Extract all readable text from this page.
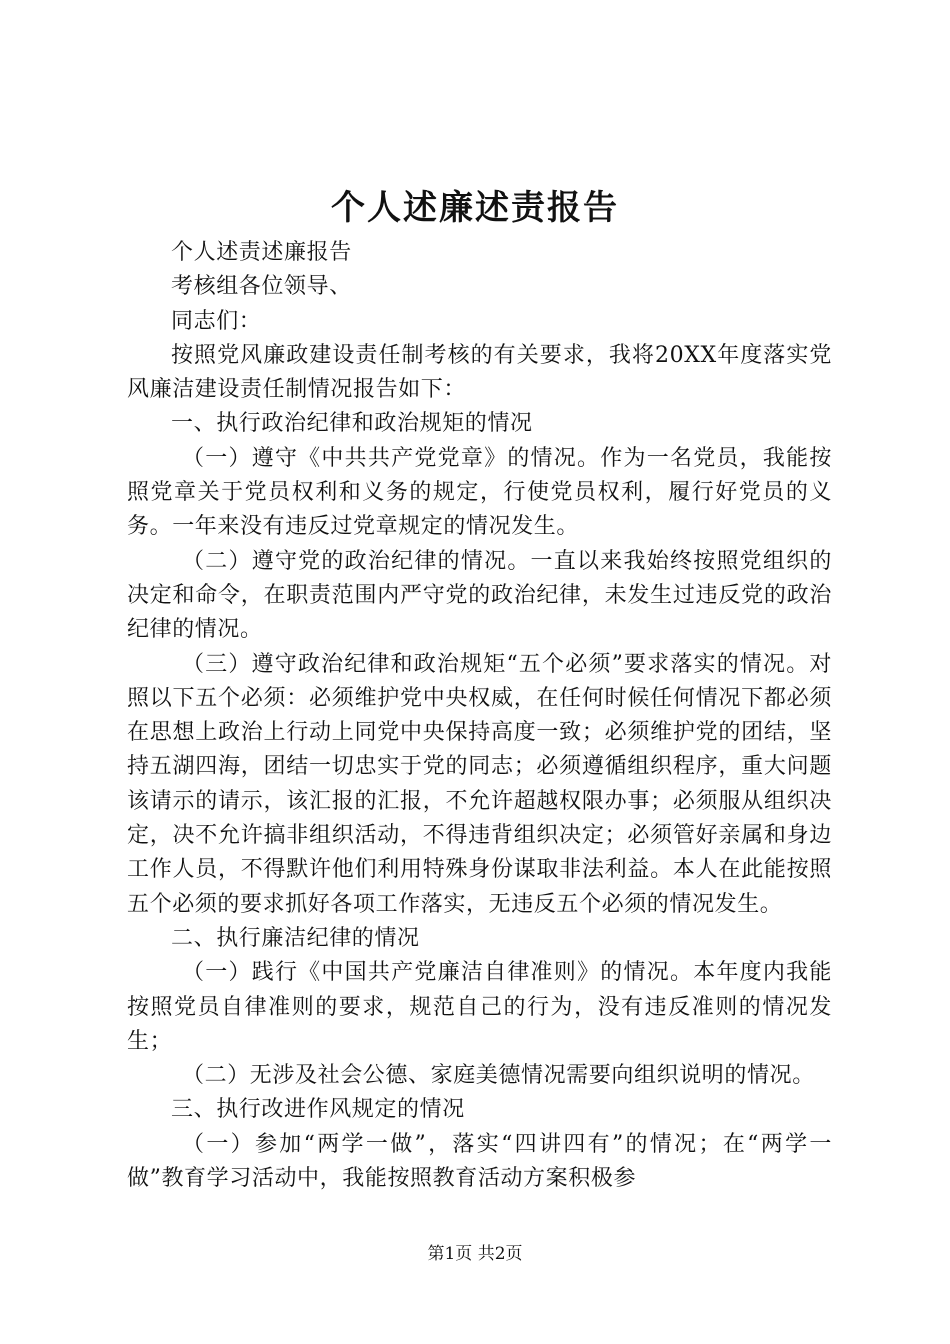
个人述廉述责报告

个人述责述廉报告

考核组各位领导、

同志们：

按照党风廉政建设责任制考核的有关要求，我将20XX年度落实党风廉洁建设责任制情况报告如下：

一、执行政治纪律和政治规矩的情况

（一）遵守《中共共产党党章》的情况。作为一名党员，我能按照党章关于党员权利和义务的规定，行使党员权利，履行好党员的义务。一年来没有违反过党章规定的情况发生。

（二）遵守党的政治纪律的情况。一直以来我始终按照党组织的决定和命令，在职责范围内严守党的政治纪律，未发生过违反党的政治纪律的情况。

（三）遵守政治纪律和政治规矩“五个必须”要求落实的情况。对照以下五个必须：必须维护党中央权威，在任何时候任何情况下都必须在思想上政治上行动上同党中央保持高度一致；必须维护党的团结，坚持五湖四海，团结一切忠实于党的同志；必须遵循组织程序，重大问题该请示的请示，该汇报的汇报，不允许超越权限办事；必须服从组织决定，决不允许搞非组织活动，不得违背组织决定；必须管好亲属和身边工作人员，不得默许他们利用特殊身份谋取非法利益。本人在此能按照五个必须的要求抓好各项工作落实，无违反五个必须的情况发生。

二、执行廉洁纪律的情况

（一）践行《中国共产党廉洁自律准则》的情况。本年度内我能按照党员自律准则的要求，规范自己的行为，没有违反准则的情况发生；

（二）无涉及社会公德、家庭美德情况需要向组织说明的情况。

三、执行改进作风规定的情况

（一）参加“两学一做”，落实“四讲四有”的情况；在“两学一做”教育学习活动中，我能按照教育活动方案积极参

第1页 共2页
